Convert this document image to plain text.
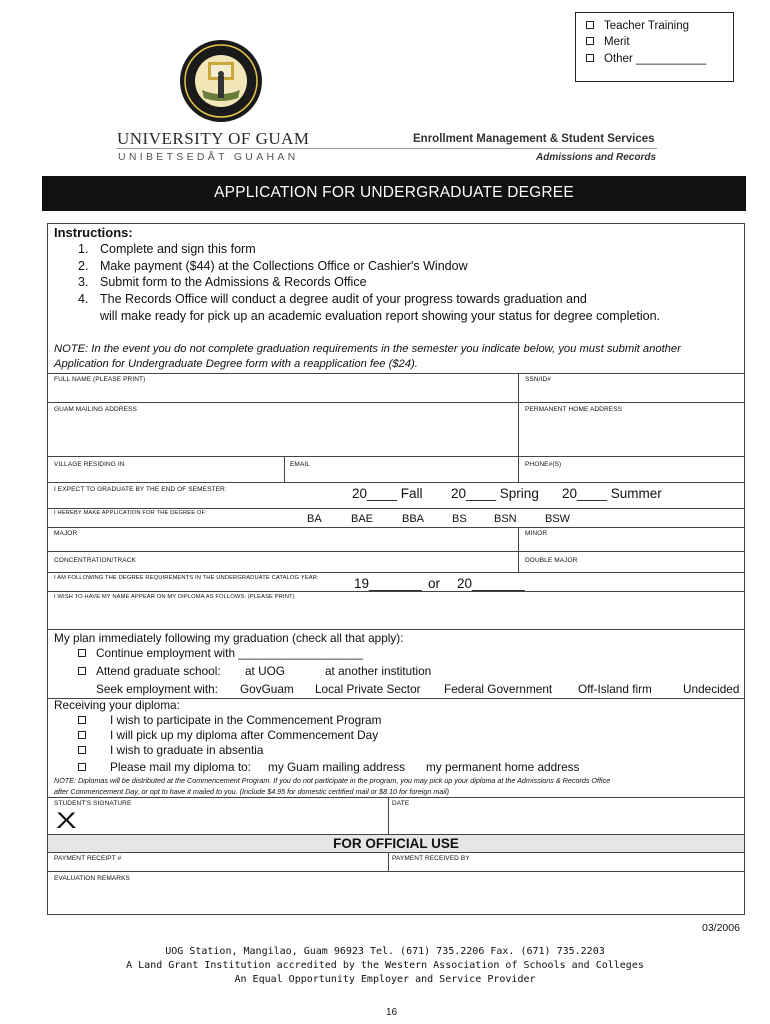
Teacher Training
Merit
Other ___________
UNIVERSITY OF GUAM
UNIBETSEDÅT GUAHAN
Enrollment Management & Student Services
Admissions and Records
APPLICATION FOR UNDERGRADUATE DEGREE
Instructions:
1. Complete and sign this form
2. Make payment ($44) at the Collections Office or Cashier's Window
3. Submit form to the Admissions & Records Office
4. The Records Office will conduct a degree audit of your progress towards graduation and
will make ready for pick up an academic evaluation report showing your status for degree completion.
NOTE: In the event you do not complete graduation requirements in the semester you indicate below, you must submit another
Application for Undergraduate Degree form with a reapplication fee ($24).
FULL NAME (PLEASE PRINT)	SSN/ID#
GUAM MAILING ADDRESS	PERMANENT HOME ADDRESS
VILLAGE RESIDING IN	EMAIL	PHONE#(S)
I EXPECT TO GRADUATE BY THE END OF SEMESTER:	20____ Fall 20____ Spring 20____ Summer
I HEREBY MAKE APPLICATION FOR THE DEGREE OF:	BA	BAE	BBA	BS BSN	BSW
MAJOR	MINOR
CONCENTRATION/TRACK	DOUBLE MAJOR
I AM FOLLOWING THE DEGREE REQUIREMENTS IN THE UNDERGRADUATE CATALOG YEAR:	19_______ or 20_______
I WISH TO HAVE MY NAME APPEAR ON MY DIPLOMA AS FOLLOWS: (PLEASE PRINT)
My plan immediately following my graduation (check all that apply):
Continue employment with ___________________
Attend graduate school: at UOG	at another institution
Seek employment with: GovGuam Local Private Sector Federal Government Off-Island firm	Undecided
Receiving your diploma:
I wish to participate in the Commencement Program
I will pick up my diploma after Commencement Day
I wish to graduate in absentia
Please mail my diploma to: my Guam mailing address my permanent home address
NOTE: Diplomas will be distributed at the Commencement Program. If you do not participate in the program, you may pick up your diploma at the Admissions & Records Office
after Commencement Day, or opt to have it mailed to you. (Include $4.95 for domestic certified mail or $8.10 for foreign mail)
STUDENT'S SIGNATURE
X
DATE
FOR OFFICIAL USE
PAYMENT RECEIPT #	PAYMENT RECEIVED BY
EVALUATION REMARKS
03/2006
UOG Station, Mangilao, Guam 96923 Tel. (671) 735.2206 Fax. (671) 735.2203
A Land Grant Institution accredited by the Western Association of Schools and Colleges
An Equal Opportunity Employer and Service Provider
16
